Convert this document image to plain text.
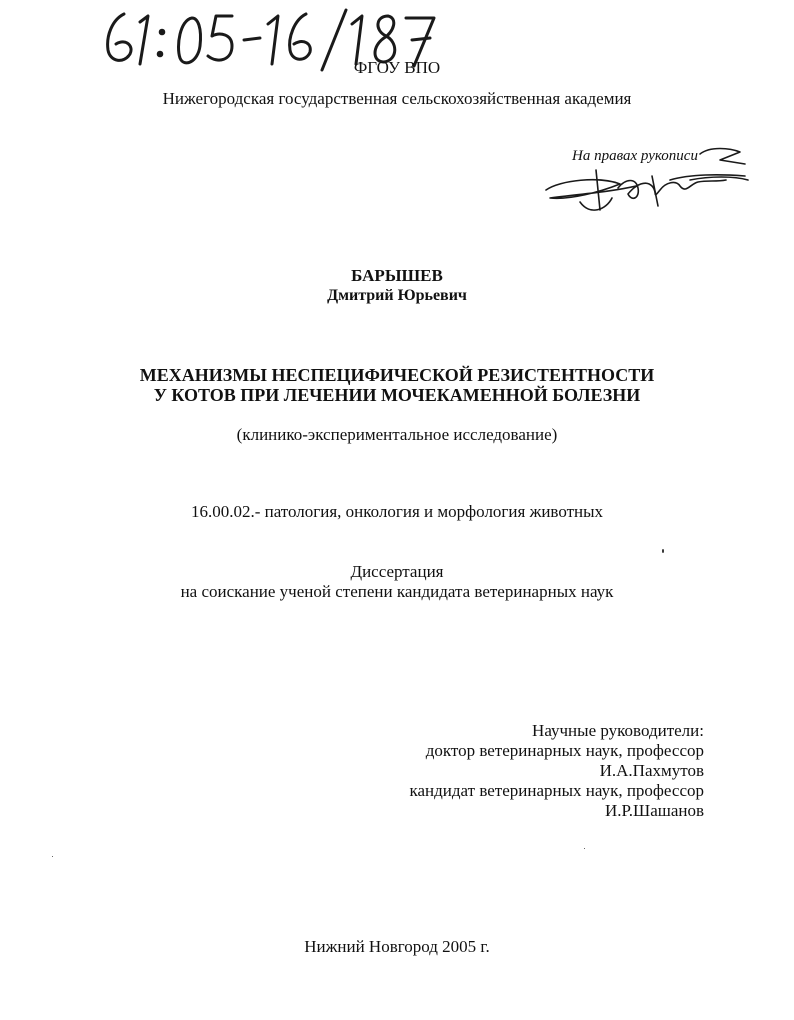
ФГОУ ВПО
Нижегородская государственная сельскохозяйственная академия
На правах рукописи
БАРЫШЕВ
Дмитрий Юрьевич
МЕХАНИЗМЫ НЕСПЕЦИФИЧЕСКОЙ РЕЗИСТЕНТНОСТИ
У КОТОВ ПРИ ЛЕЧЕНИИ МОЧЕКАМЕННОЙ БОЛЕЗНИ
(клинико-экспериментальное исследование)
16.00.02.- патология, онкология и морфология животных
Диссертация
на соискание ученой степени кандидата ветеринарных наук
Научные руководители:
доктор ветеринарных наук, профессор
И.А.Пахмутов
кандидат ветеринарных наук, профессор
И.Р.Шашанов
Нижний Новгород 2005 г.
